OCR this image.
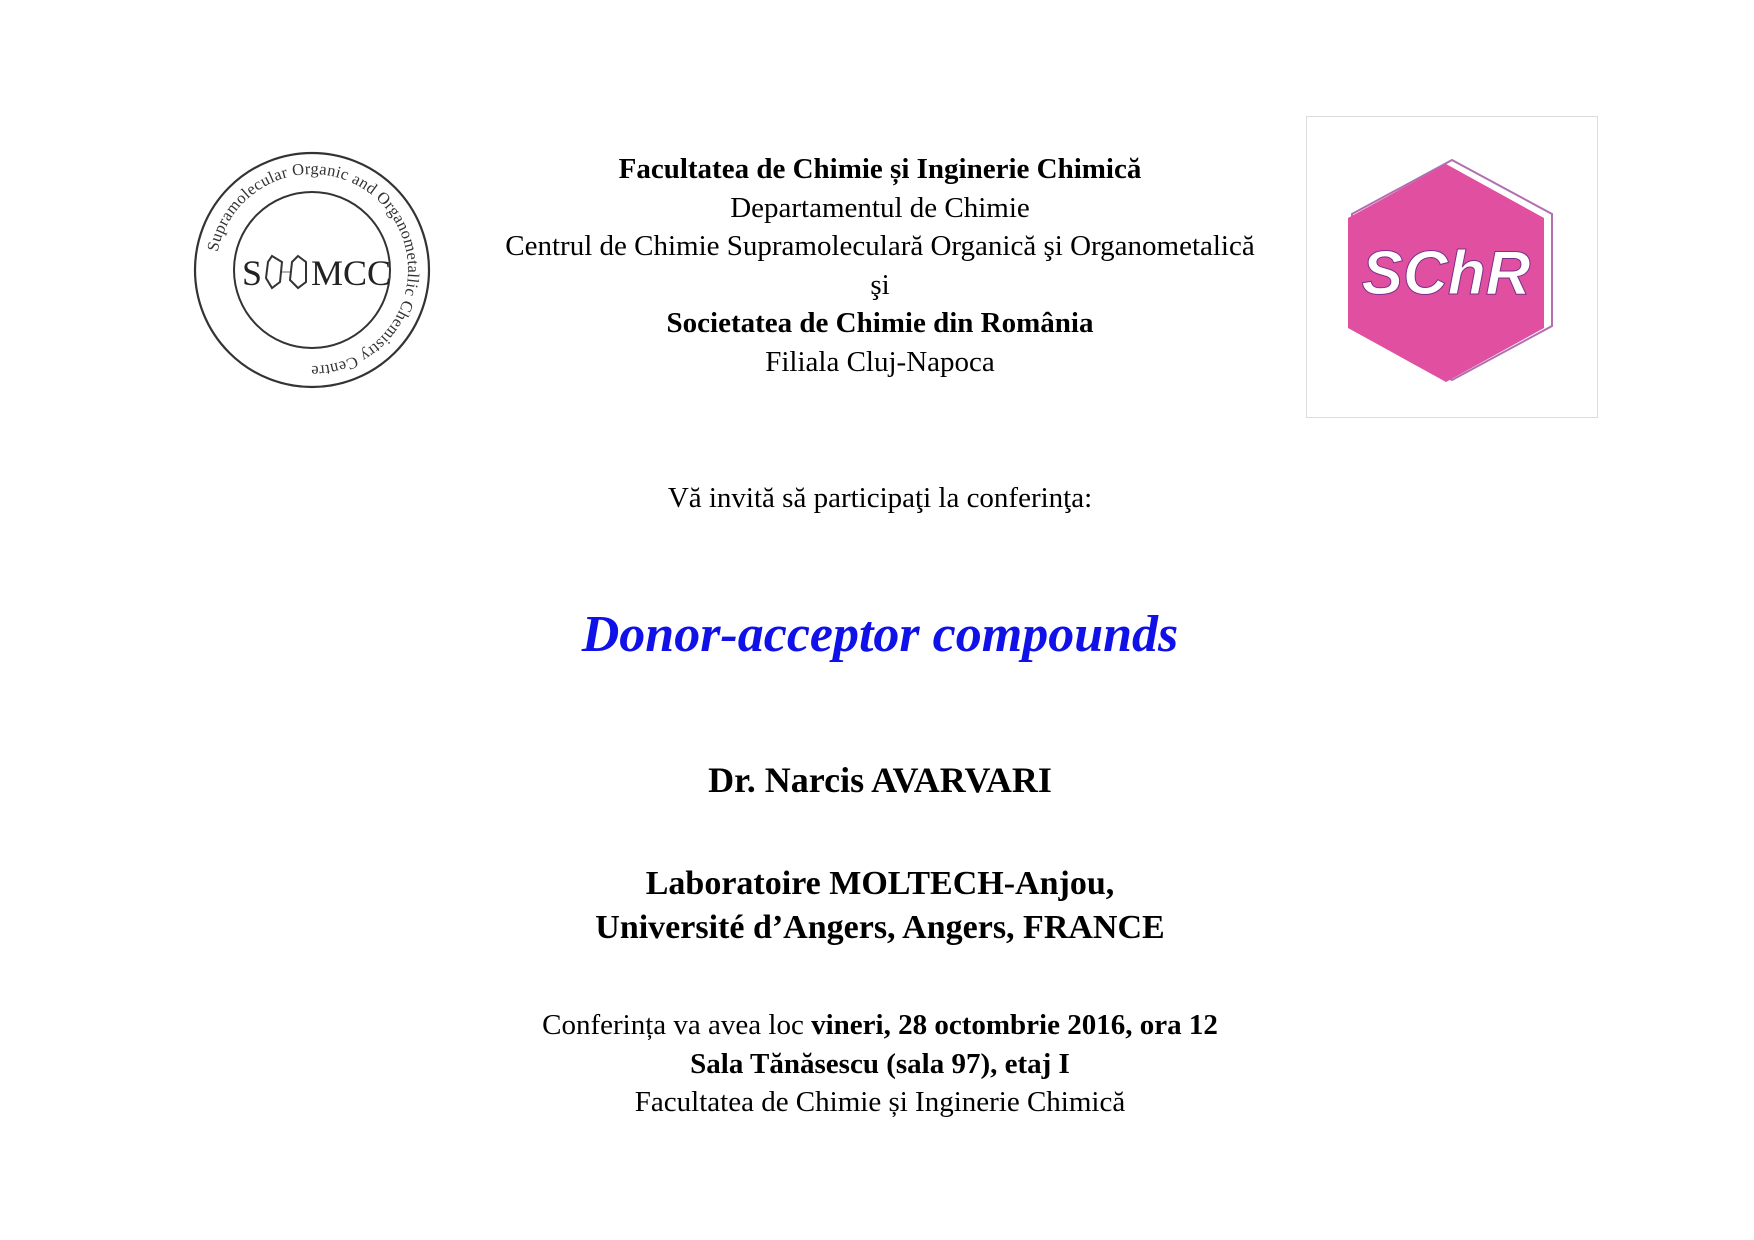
Supramolecular Organic and Organometallic Chemistry Centre
S MCC
Facultatea de Chimie și Inginerie Chimică
Departamentul de Chimie
Centrul de Chimie Supramoleculară Organică şi Organometalică
şi
Societatea de Chimie din România
Filiala Cluj-Napoca
SChR
Vă invită să participaţi la conferinţa:
Donor-acceptor compounds
Dr. Narcis AVARVARI
Laboratoire MOLTECH-Anjou,
Université d’Angers, Angers, FRANCE
Conferința va avea loc vineri, 28 octombrie 2016, ora 12
Sala Tănăsescu (sala 97), etaj I
Facultatea de Chimie și Inginerie Chimică
